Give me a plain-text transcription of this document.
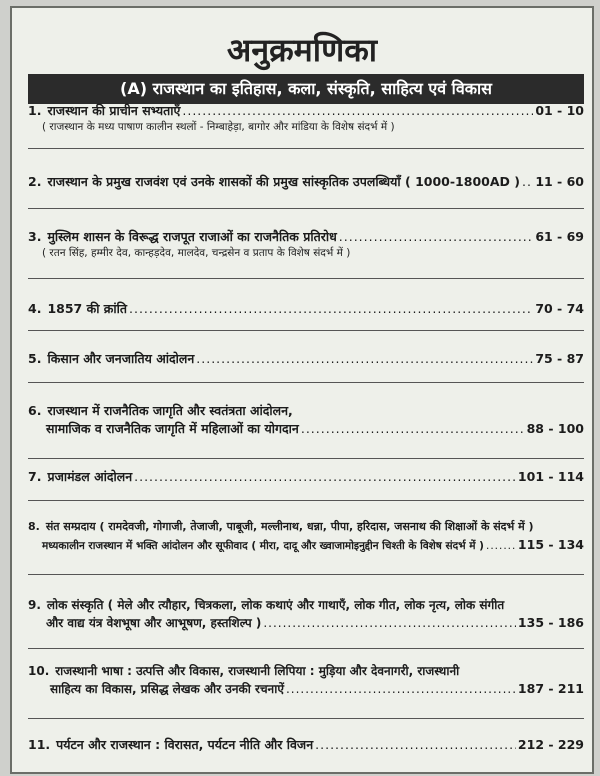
अनुक्रमणिका
(A) राजस्थान का इतिहास, कला, संस्कृति, साहित्य एवं विकास
1. राजस्थान की प्राचीन सभ्यताएँ .....	01 - 10
( राजस्थान के मध्य पाषाण कालीन स्थलों - निम्बाहेड़ा, बागोर और मांडिया के विशेष संदर्भ में )
2. राजस्थान के प्रमुख राजवंश एवं उनके शासकों की प्रमुख सांस्कृतिक उपलब्धियाँ ( 1000-1800AD ) ..... 11 - 60
3. मुस्लिम शासन के विरूद्ध राजपूत राजाओं का राजनैतिक प्रतिरोध .....	61 - 69
( रतन सिंह, हम्मीर देव, कान्हड़देव, मालदेव, चन्द्रसेन व प्रताप के विशेष संदर्भ में )
4. 1857 की क्रांति .....	70 - 74
5. किसान और जनजातिय आंदोलन .....	75 - 87
6. राजस्थान में राजनैतिक जागृति और स्वतंत्रता आंदोलन,
सामाजिक व राजनैतिक जागृति में महिलाओं का योगदान .....	88 - 100
7. प्रजामंडल आंदोलन .....	101 - 114
8. संत सम्प्रदाय ( रामदेवजी, गोगाजी, तेजाजी, पाबूजी, मल्लीनाथ, धन्ना, पीपा, हरिदास, जसनाथ की शिक्षाओं के संदर्भ में )
मध्यकालीन राजस्थान में भक्ति आंदोलन और सूफीवाद ( मीरा, दादू और ख्वाजामोइनुद्दीन चिश्ती के विशेष संदर्भ में ) .....	115 - 134
9. लोक संस्कृति ( मेले और त्यौहार, चित्रकला, लोक कथाएं और गाथाएँ, लोक गीत, लोक नृत्य, लोक संगीत
और वाद्य यंत्र वेशभूषा और आभूषण, हस्तशिल्प ) .....	135 - 186
10. राजस्थानी भाषा : उत्पत्ति और विकास, राजस्थानी लिपिया : मुड़िया और देवनागरी, राजस्थानी
साहित्य का विकास, प्रसिद्ध लेखक और उनकी रचनाऐं .....	187 - 211
11. पर्यटन और राजस्थान : विरासत, पर्यटन नीति और विजन .....	212 - 229
